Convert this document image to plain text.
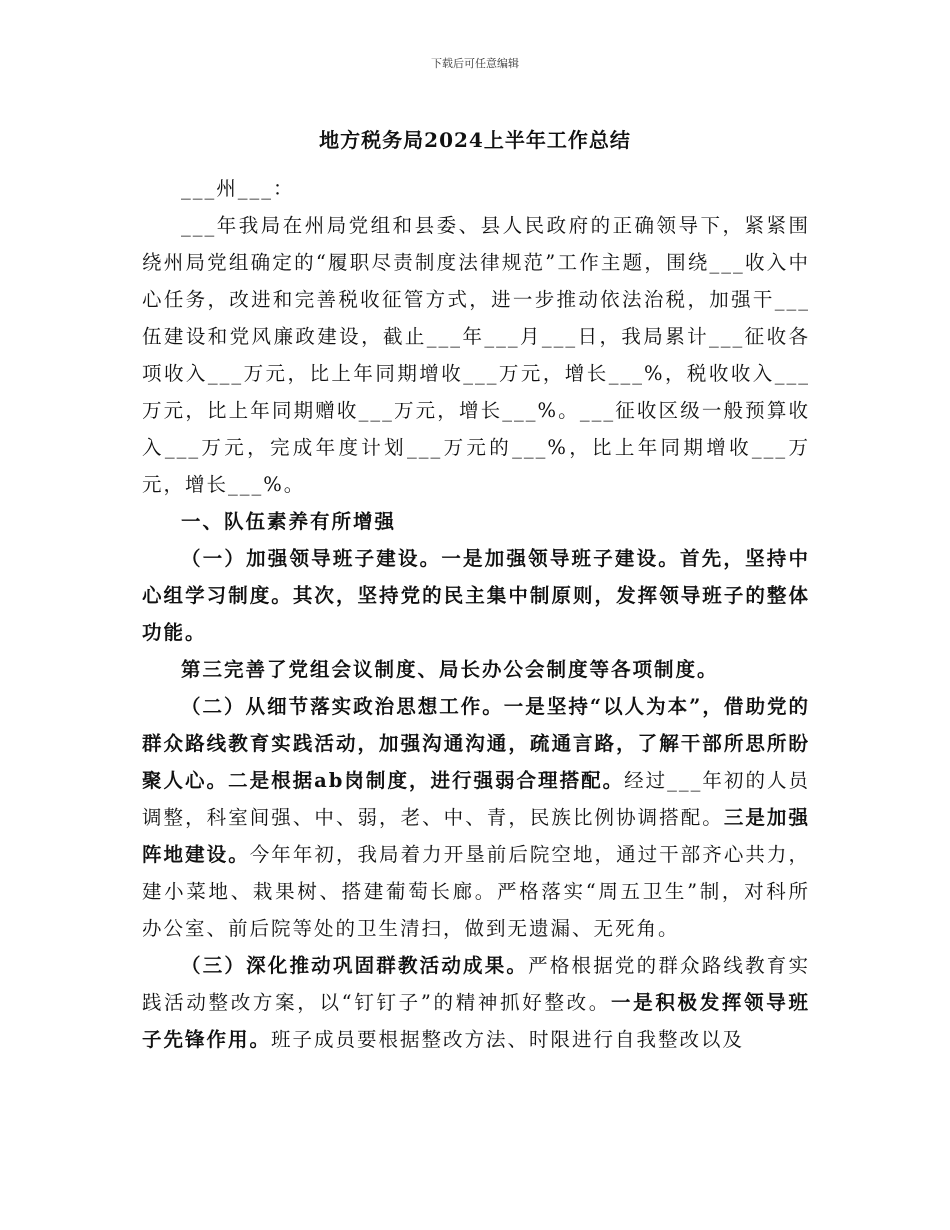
下载后可任意编辑
地方税务局2024上半年工作总结

___州___：

___年我局在州局党组和县委、县人民政府的正确领导下，紧紧围绕州局党组确定的“履职尽责制度法律规范”工作主题，围绕___收入中心任务，改进和完善税收征管方式，进一步推动依法治税，加强干___伍建设和党风廉政建设，截止___年___月___日，我局累计___征收各项收入___万元，比上年同期增收___万元，增长___%，税收收入___万元，比上年同期赠收___万元，增长___%。___征收区级一般预算收入___万元，完成年度计划___万元的___%，比上年同期增收___万元，增长___%。

一、队伍素养有所增强

（一）加强领导班子建设。一是加强领导班子建设。首先，坚持中心组学习制度。其次，坚持党的民主集中制原则，发挥领导班子的整体功能。

第三完善了党组会议制度、局长办公会制度等各项制度。

（二）从细节落实政治思想工作。一是坚持“以人为本”，借助党的群众路线教育实践活动，加强沟通沟通，疏通言路，了解干部所思所盼聚人心。二是根据ab岗制度，进行强弱合理搭配。经过___年初的人员调整，科室间强、中、弱，老、中、青，民族比例协调搭配。三是加强阵地建设。今年年初，我局着力开垦前后院空地，通过干部齐心共力，建小菜地、栽果树、搭建葡萄长廊。严格落实“周五卫生”制，对科所办公室、前后院等处的卫生清扫，做到无遗漏、无死角。

（三）深化推动巩固群教活动成果。严格根据党的群众路线教育实践活动整改方案，以“钉钉子”的精神抓好整改。一是积极发挥领导班子先锋作用。班子成员要根据整改方法、时限进行自我整改以及
